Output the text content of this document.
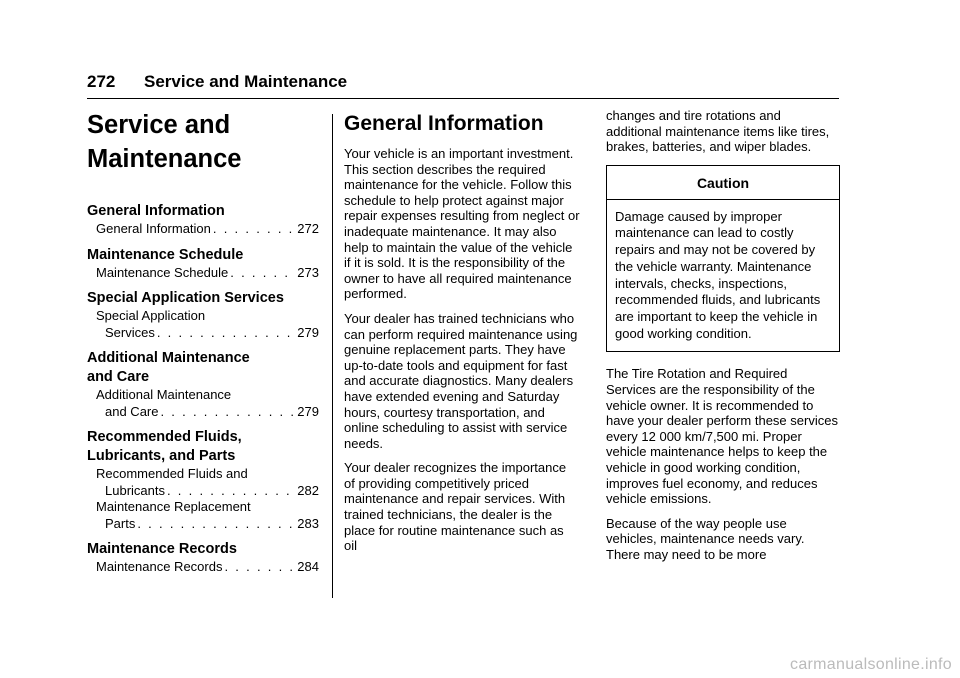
272 Service and Maintenance
Service and
Maintenance
General Information
General Information . . .	272
Maintenance Schedule
Maintenance Schedule . . .	273
Special Application Services
Special Application
Services . . .	279
Additional Maintenance
and Care
Additional Maintenance
and Care . . .	279
Recommended Fluids,
Lubricants, and Parts
Recommended Fluids and
Lubricants . . .	282
Maintenance Replacement
Parts . . .	283
Maintenance Records
Maintenance Records . . .	284
General Information

Your vehicle is an important investment. This section describes the required maintenance for the vehicle. Follow this schedule to help protect against major repair expenses resulting from neglect or inadequate maintenance. It may also help to maintain the value of the vehicle if it is sold. It is the responsibility of the owner to have all required maintenance performed.

Your dealer has trained technicians who can perform required maintenance using genuine replacement parts. They have up-to-date tools and equipment for fast and accurate diagnostics. Many dealers have extended evening and Saturday hours, courtesy transportation, and online scheduling to assist with service needs.

Your dealer recognizes the importance of providing competitively priced maintenance and repair services. With trained technicians, the dealer is the place for routine maintenance such as oil

changes and tire rotations and additional maintenance items like tires, brakes, batteries, and wiper blades.

Caution
Damage caused by improper maintenance can lead to costly repairs and may not be covered by the vehicle warranty. Maintenance intervals, checks, inspections, recommended fluids, and lubricants are important to keep the vehicle in good working condition.

The Tire Rotation and Required Services are the responsibility of the vehicle owner. It is recommended to have your dealer perform these services every 12 000 km/7,500 mi. Proper vehicle maintenance helps to keep the vehicle in good working condition, improves fuel economy, and reduces vehicle emissions.

Because of the way people use vehicles, maintenance needs vary. There may need to be more

carmanualsonline.info
